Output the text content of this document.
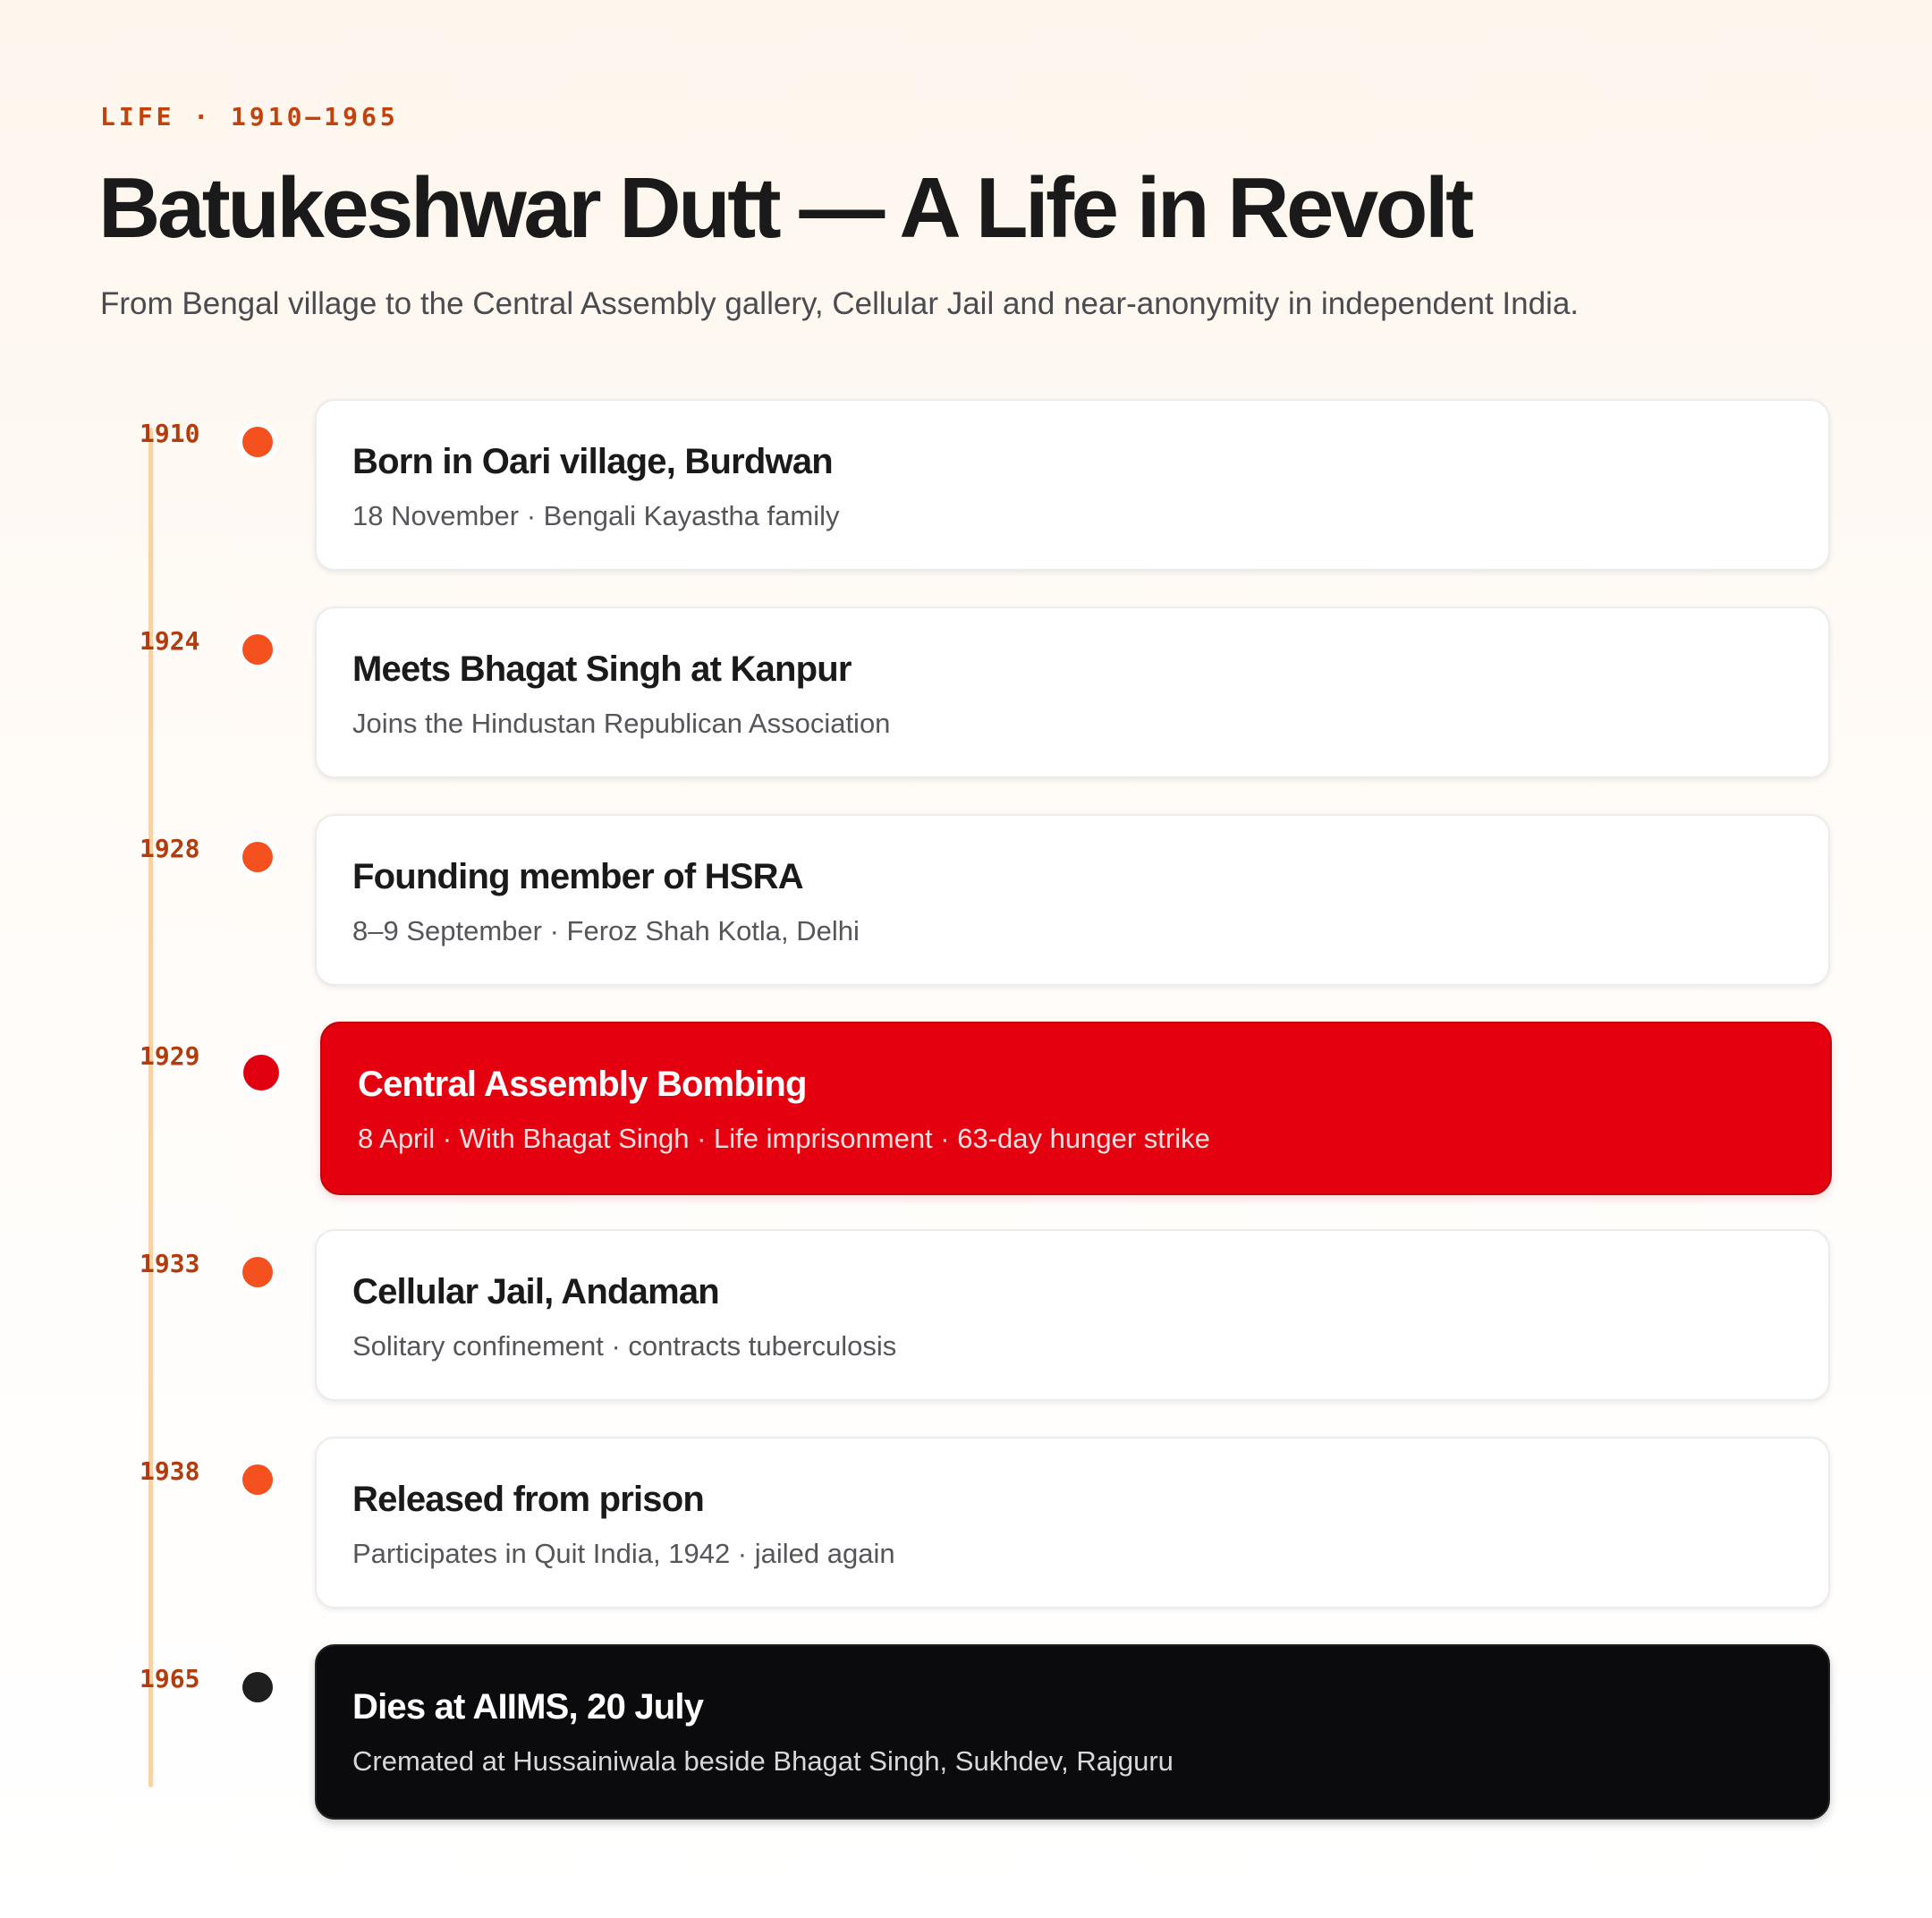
LIFE · 1910–1965
Batukeshwar Dutt — A Life in Revolt
From Bengal village to the Central Assembly gallery, Cellular Jail and near-anonymity in independent India.
1910
Born in Oari village, Burdwan
18 November · Bengali Kayastha family
1924
Meets Bhagat Singh at Kanpur
Joins the Hindustan Republican Association
1928
Founding member of HSRA
8–9 September · Feroz Shah Kotla, Delhi
1929
Central Assembly Bombing
8 April · With Bhagat Singh · Life imprisonment · 63-day hunger strike
1933
Cellular Jail, Andaman
Solitary confinement · contracts tuberculosis
1938
Released from prison
Participates in Quit India, 1942 · jailed again
1965
Dies at AIIMS, 20 July
Cremated at Hussainiwala beside Bhagat Singh, Sukhdev, Rajguru
